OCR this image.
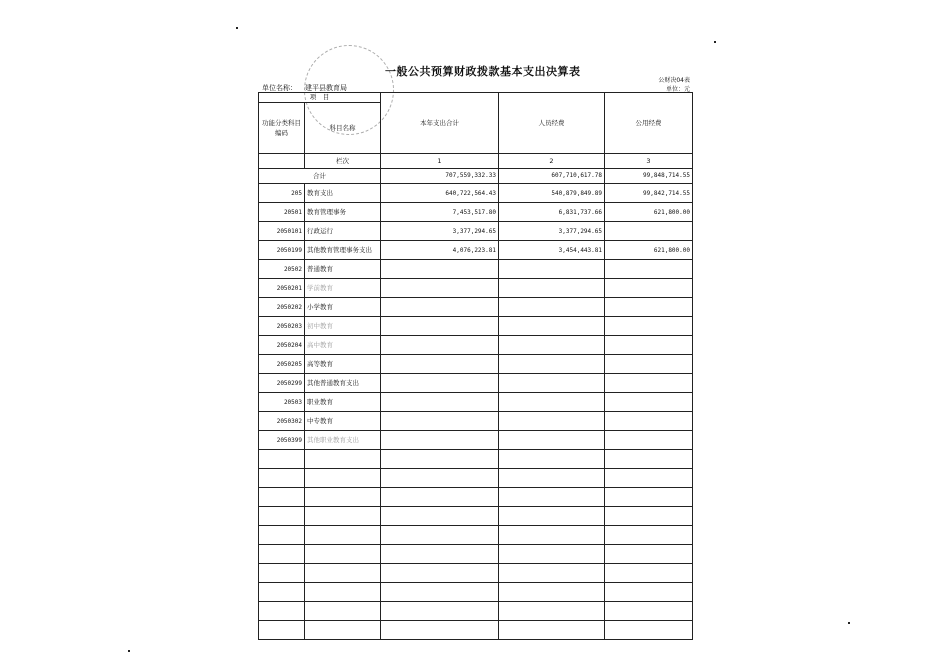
一般公共预算财政拨款基本支出决算表
单位名称： 建平县教育局
公财决04表
单位：元
项　目		本年支出合计	人员经费	公用经费
功能分类科目编码	科目名称			
	栏次	1	2	3
合计		707,559,332.33	607,710,617.78	99,848,714.55
205	教育支出	640,722,564.43	540,879,849.89	99,842,714.55
20501	教育管理事务	7,453,517.80	6,831,737.66	621,800.00
2050101	行政运行	3,377,294.65	3,377,294.65	
2050199	其他教育管理事务支出	4,076,223.81	3,454,443.81	621,800.00
20502	普通教育			
2050201	学前教育			
2050202	小学教育			
2050203	初中教育			
2050204	高中教育			
2050205	高等教育			
2050299	其他普通教育支出			
20503	职业教育			
2050302	中专教育			
2050399	其他职业教育支出			
